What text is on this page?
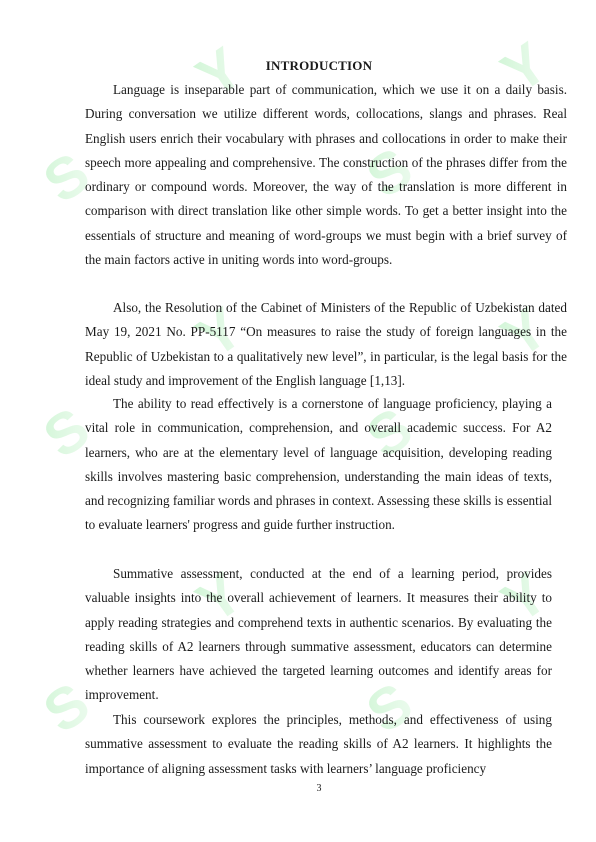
S
S
S
Y
Y
Y
S
S
S
Y
Y
Y
INTRODUCTION

Language is inseparable part of communication, which we use it on a daily basis. During conversation we utilize different words, collocations, slangs and phrases. Real English users enrich their vocabulary with phrases and collocations in order to make their speech more appealing and comprehensive. The construction of the phrases differ from the ordinary or compound words. Moreover, the way of the translation is more different in comparison with direct translation like other simple words. To get a better insight into the essentials of structure and meaning of word-groups we must begin with a brief survey of the main factors active in uniting words into word-groups.

Also, the Resolution of the Cabinet of Ministers of the Republic of Uzbekistan dated May 19, 2021 No. PP-5117 “On measures to raise the study of foreign languages in the Republic of Uzbekistan to a qualitatively new level”, in particular, is the legal basis for the ideal study and improvement of the English language [1,13].

The ability to read effectively is a cornerstone of language proficiency, playing a vital role in communication, comprehension, and overall academic success. For A2 learners, who are at the elementary level of language acquisition, developing reading skills involves mastering basic comprehension, understanding the main ideas of texts, and recognizing familiar words and phrases in context. Assessing these skills is essential to evaluate learners' progress and guide further instruction.

Summative assessment, conducted at the end of a learning period, provides valuable insights into the overall achievement of learners. It measures their ability to apply reading strategies and comprehend texts in authentic scenarios. By evaluating the reading skills of A2 learners through summative assessment, educators can determine whether learners have achieved the targeted learning outcomes and identify areas for improvement.

This coursework explores the principles, methods, and effectiveness of using summative assessment to evaluate the reading skills of A2 learners. It highlights the importance of aligning assessment tasks with learners’ language proficiency

3
